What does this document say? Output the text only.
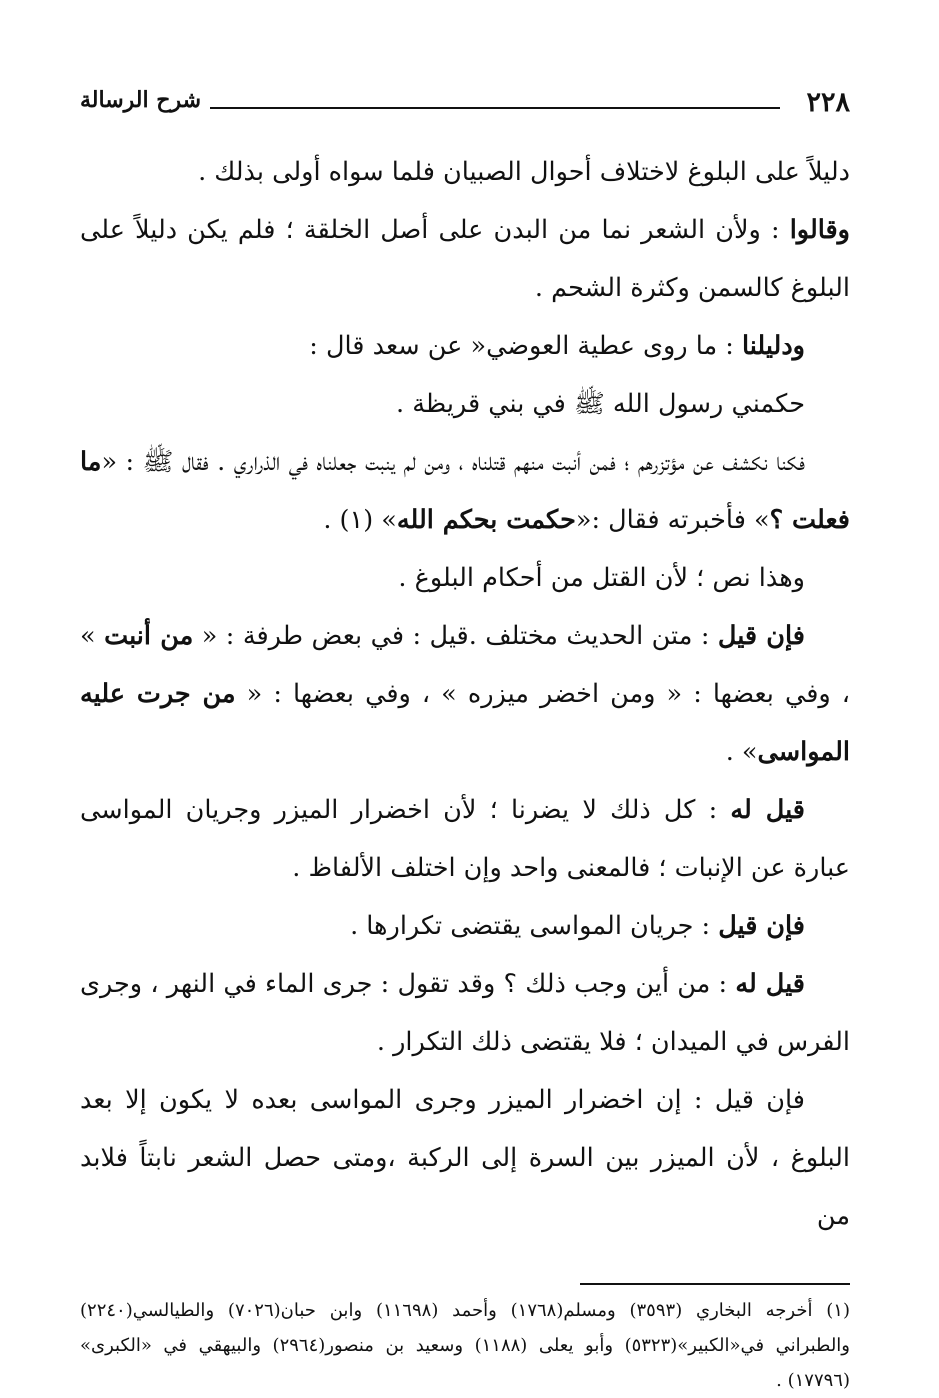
٢٢٨
شرح الرسالة

دليلاً على البلوغ لاختلاف أحوال الصبيان فلما سواه أولى بذلك .

وقالوا : ولأن الشعر نما من البدن على أصل الخلقة ؛ فلم يكن دليلاً على البلوغ كالسمن وكثرة الشحم .

ودليلنا : ما روى عطية العوضي« عن سعد قال :

حكمني رسول الله ﷺ في بني قريظة .

فكنا نكشف عن مؤتزرهم ؛ فمن أنبت منهم قتلناه ، ومن لم ينبت جعلناه في الذراري . فقال ﷺ : «ما فعلت ؟» فأخبرته فقال :«حكمت بحكم الله» (١) .

وهذا نص ؛ لأن القتل من أحكام البلوغ .

فإن قيل : متن الحديث مختلف .قيل : في بعض طرفة : « من أنبت » ، وفي بعضها : « ومن اخضر ميزره » ، وفي بعضها : « من جرت عليه المواسى» .

قيل له : كل ذلك لا يضرنا ؛ لأن اخضرار الميزر وجريان المواسى عبارة عن الإنبات ؛ فالمعنى واحد وإن اختلف الألفاظ .

فإن قيل : جريان المواسى يقتضى تكرارها .

قيل له : من أين وجب ذلك ؟ وقد تقول : جرى الماء في النهر ، وجرى الفرس في الميدان ؛ فلا يقتضى ذلك التكرار .

فإن قيل : إن اخضرار الميزر وجرى المواسى بعده لا يكون إلا بعد البلوغ ، لأن الميزر بين السرة إلى الركبة ،ومتى حصل الشعر نابتاً فلابد من

(١) أخرجه البخاري (٣٥٩٣) ومسلم(١٧٦٨) وأحمد (١١٦٩٨) وابن حبان(٧٠٢٦) والطيالسي(٢٢٤٠) والطبراني في«الكبير»(٥٣٢٣) وأبو يعلى (١١٨٨) وسعيد بن منصور(٢٩٦٤) والبيهقي في «الكبرى» (١٧٧٩٦) .
